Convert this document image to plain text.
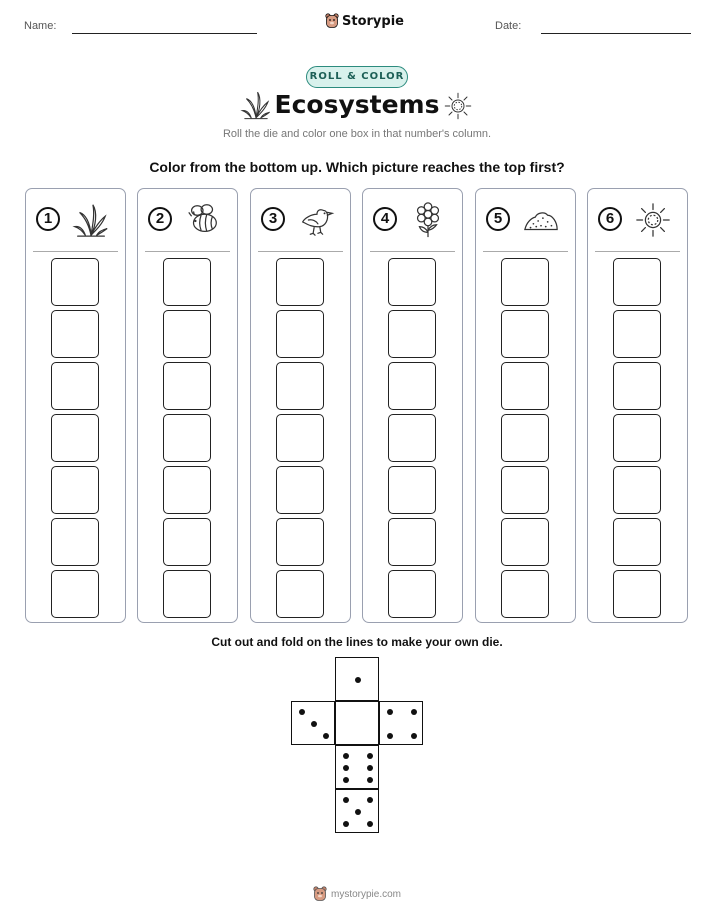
Name:	Storypie	Date:
ROLL & COLOR
Ecosystems
Roll the die and color one box in that number's column.
Color from the bottom up. Which picture reaches the top first?
1	2	3	4	5	6
Cut out and fold on the lines to make your own die.
mystorypie.com
